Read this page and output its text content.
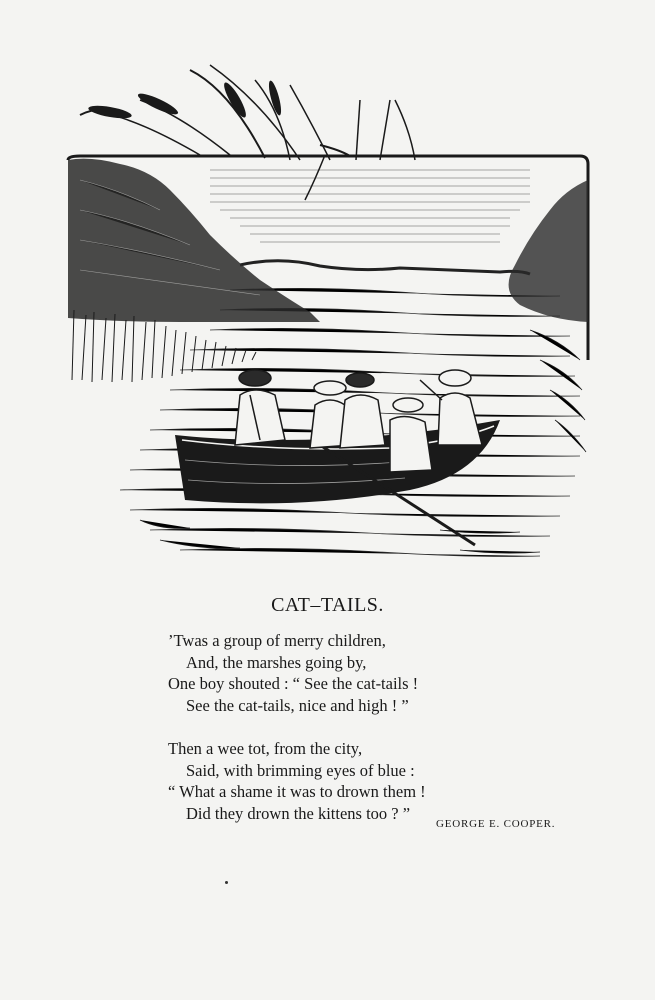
CAT–TAILS.
’Twas a group of merry children,
And, the marshes going by,
One boy shouted : “ See the cat-tails !
See the cat-tails, nice and high ! ”
Then a wee tot, from the city,
Said, with brimming eyes of blue :
“ What a shame it was to drown them !
Did they drown the kittens too ? ”
GEORGE E. COOPER.
